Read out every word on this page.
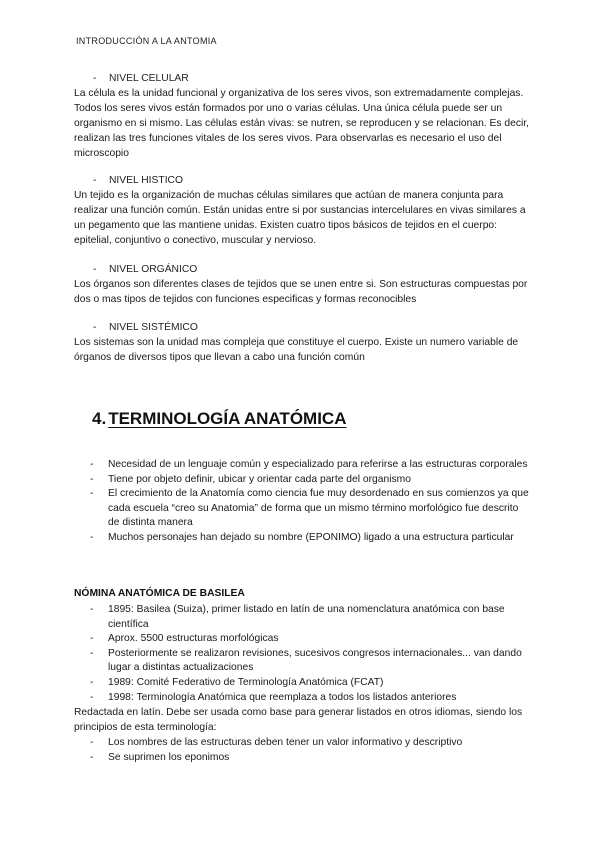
INTRODUCCIÓN A LA ANTOMIA
- NIVEL CELULAR
La célula es la unidad funcional y organizativa de los seres vivos, son extremadamente complejas. Todos los seres vivos están formados por uno o varias células. Una única célula puede ser un organismo en si mismo. Las células están vivas: se nutren, se reproducen y se relacionan. Es decir, realizan las tres funciones vitales de los seres vivos. Para observarlas es necesario el uso del microscopio
- NIVEL HISTICO
Un tejido es la organización de muchas células similares que actúan de manera conjunta para realizar una función común. Están unidas entre si por sustancias intercelulares en vivas similares a un pegamento que las mantiene unidas. Existen cuatro tipos básicos de tejidos en el cuerpo: epitelial, conjuntivo o conectivo, muscular y nervioso.
- NIVEL ORGÁNICO
Los órganos son diferentes clases de tejidos que se unen entre si. Son estructuras compuestas por dos o mas tipos de tejidos con funciones especificas y formas reconocibles
- NIVEL SISTÉMICO
Los sistemas son la unidad mas compleja que constituye el cuerpo. Existe un numero variable de órganos de diversos tipos que llevan a cabo una función común
4. TERMINOLOGÍA ANATÓMICA
- Necesidad de un lenguaje común y especializado para referirse a las estructuras corporales
- Tiene por objeto definir, ubicar y orientar cada parte del organismo
- El crecimiento de la Anatomía como ciencia fue muy desordenado en sus comienzos ya que cada escuela “creo su Anatomia” de forma que un mismo término morfológico fue descrito de distinta manera
- Muchos personajes han dejado su nombre (EPONIMO) ligado a una estructura particular
NÓMINA ANATÓMICA DE BASILEA
- 1895: Basilea (Suiza), primer listado en latín de una nomenclatura anatómica con base científica
- Aprox. 5500 estructuras morfológicas
- Posteriormente se realizaron revisiones, sucesivos congresos internacionales... van dando lugar a distintas actualizaciones
- 1989: Comité Federativo de Terminología Anatómica (FCAT)
- 1998: Terminología Anatómica que reemplaza a todos los listados anteriores
Redactada en latín. Debe ser usada como base para generar listados en otros idiomas, siendo los principios de esta terminología:
- Los nombres de las estructuras deben tener un valor informativo y descriptivo
- Se suprimen los eponimos
